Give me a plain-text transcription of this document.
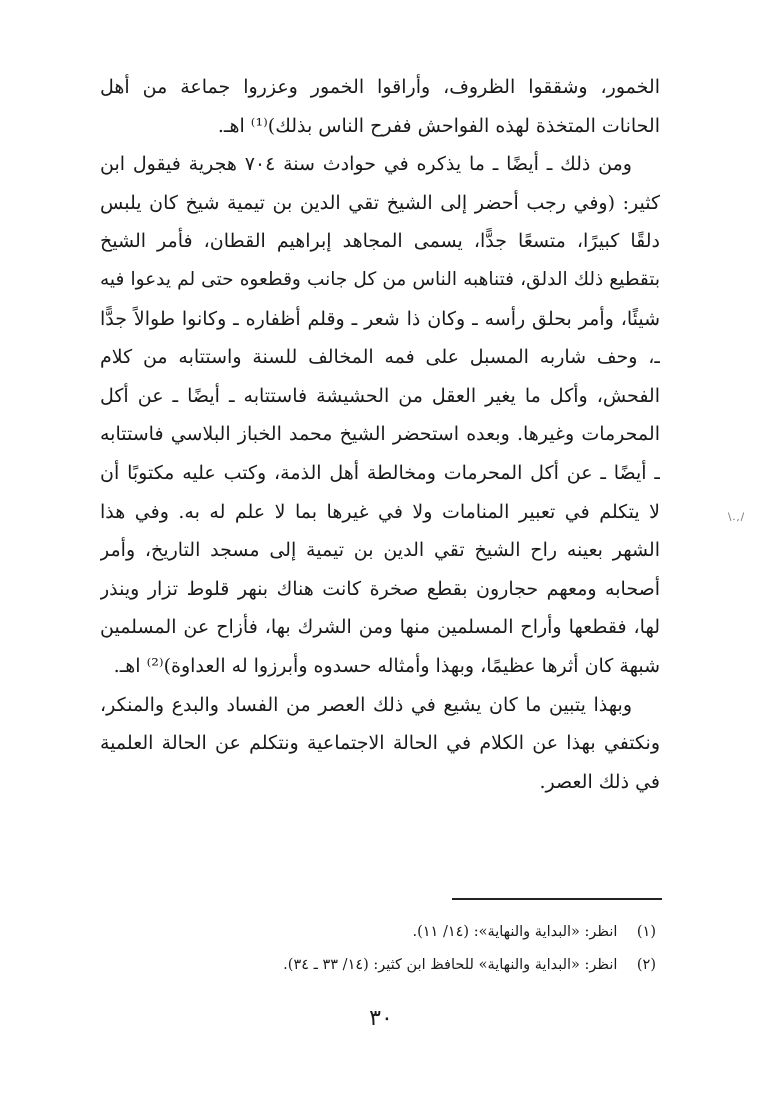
الخمور، وشققوا الظروف، وأراقوا الخمور وعزروا جماعة من أهل
الحانات المتخذة لهذه الفواحش ففرح الناس بذلك)⁽¹⁾ اهـ.
ومن ذلك ـ أيضًا ـ ما يذكره في حوادث سنة ٧٠٤ هجرية فيقول ابن
كثير: (وفي رجب أحضر إلى الشيخ تقي الدين بن تيمية شيخ كان يلبس
دلقًا كبيرًا، متسعًا جدًّا، يسمى المجاهد إبراهيم القطان، فأمر الشيخ
بتقطيع ذلك الدلق، فتناهبه الناس من كل جانب وقطعوه حتى لم يدعوا فيه
شيئًا، وأمر بحلق رأسه ـ وكان ذا شعر ـ وقلم أظفاره ـ وكانوا طوالاً جدًّا
ـ، وحف شاربه المسبل على فمه المخالف للسنة واستتابه من كلام
الفحش، وأكل ما يغير العقل من الحشيشة فاستتابه ـ أيضًا ـ عن أكل
المحرمات وغيرها. وبعده استحضر الشيخ محمد الخباز البلاسي فاستتابه
ـ أيضًا ـ عن أكل المحرمات ومخالطة أهل الذمة، وكتب عليه مكتوبًا أن
لا يتكلم في تعبير المنامات ولا في غيرها بما لا علم له به. وفي هذا
الشهر بعينه راح الشيخ تقي الدين بن تيمية إلى مسجد التاريخ، وأمر
أصحابه ومعهم حجارون بقطع صخرة كانت هناك بنهر قلوط تزار وينذر
لها، فقطعها وأراح المسلمين منها ومن الشرك بها، فأزاح عن المسلمين
شبهة كان أثرها عظيمًا، وبهذا وأمثاله حسدوه وأبرزوا له العداوة)⁽²⁾ اهـ.
وبهذا يتبين ما كان يشيع في ذلك العصر من الفساد والبدع والمنكر،
ونكتفي بهذا عن الكلام في الحالة الاجتماعية ونتكلم عن الحالة العلمية
في ذلك العصر.
(١) انظر: «البداية والنهاية»: (١٤/ ١١).
(٢) انظر: «البداية والنهاية» للحافظ ابن كثير: (١٤/ ٣٣ ـ ٣٤).
٣٠
\.,/
